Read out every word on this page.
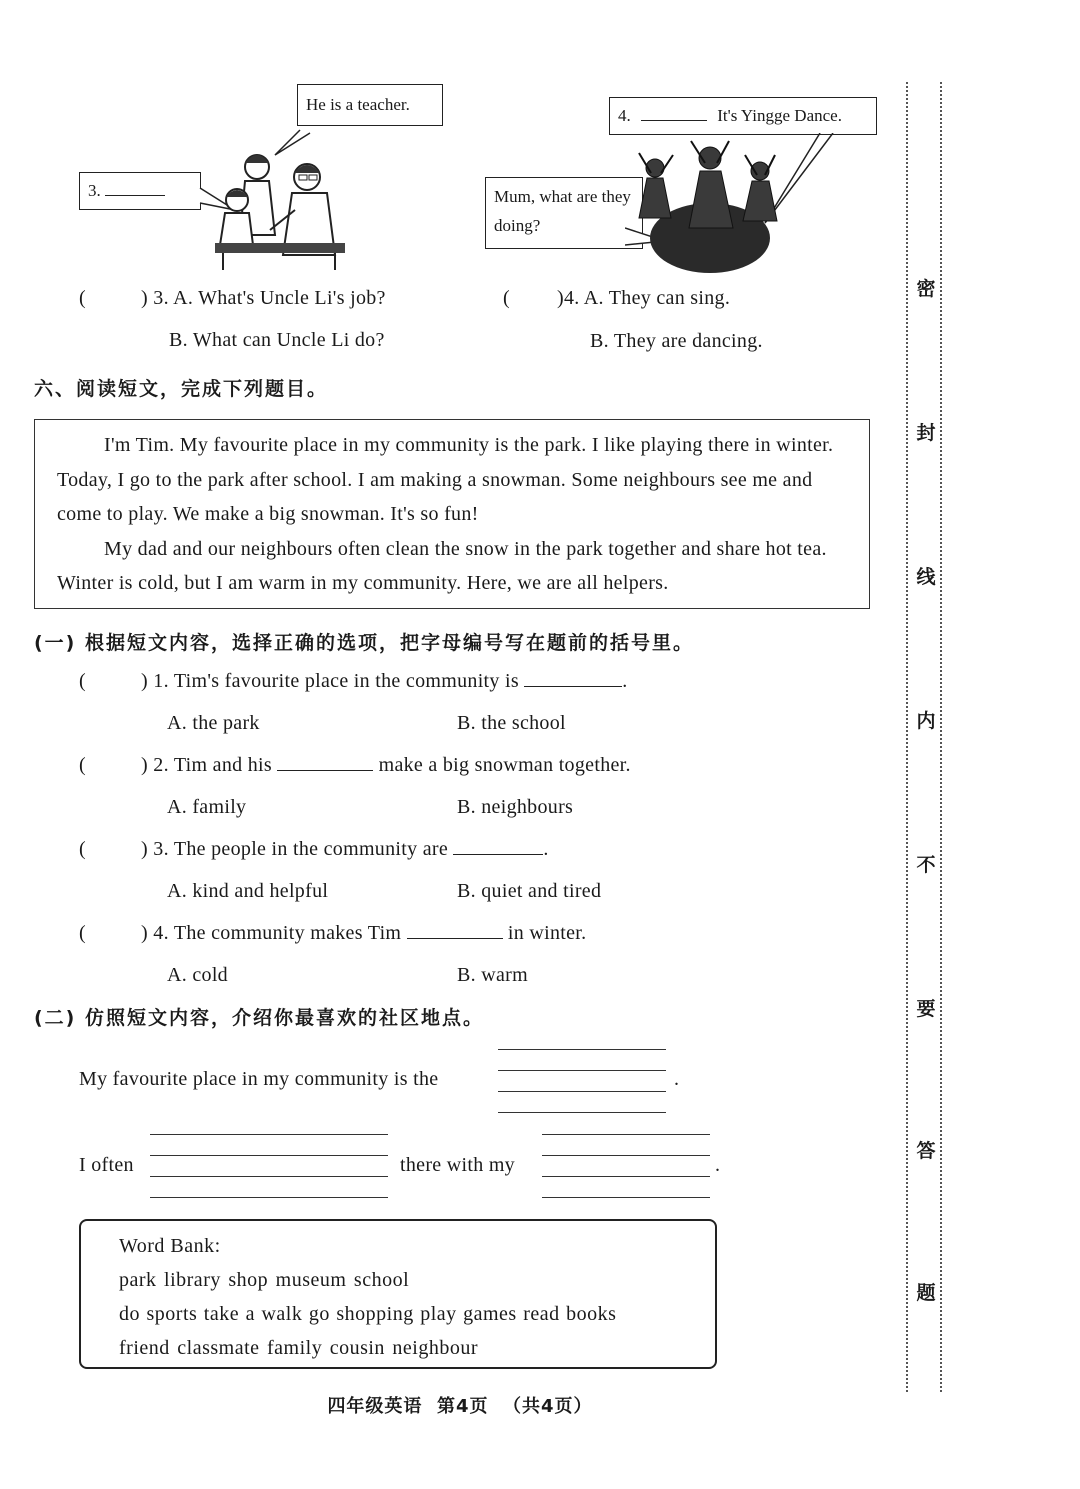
He is a teacher.
3.
4.	It's Yingge Dance.
Mum, what are they doing?
(	) 3. A. What's Uncle Li's job?
B. What can Uncle Li do?
( )4. A. They can sing.
B. They are dancing.
六、阅读短文，完成下列题目。

I'm Tim. My favourite place in my community is the park. I like playing there in winter. Today, I go to the park after school. I am making a snowman. Some neighbours see me and come to play. We make a big snowman. It's so fun!

My dad and our neighbours often clean the snow in the park together and share hot tea. Winter is cold, but I am warm in my community. Here, we are all helpers.

(一) 根据短文内容，选择正确的选项，把字母编号写在题前的括号里。
(	) 1. Tim's favourite place in the community is	.
A. the park	B. the school
(	) 2. Tim and his	make a big snowman together.
A. family	B. neighbours
(	) 3. The people in the community are	.
A. kind and helpful	B. quiet and tired
(	) 4. The community makes Tim	in winter.
A. cold	B. warm
(二) 仿照短文内容，介绍你最喜欢的社区地点。
My favourite place in my community is the	.
I often	there with my	.
Word Bank:
park library shop museum school
do sports take a walk go shopping play games read books
friend classmate family cousin neighbour
四年级英语  第4页  （共4页）
密
封
线
内
不
要
答
题
